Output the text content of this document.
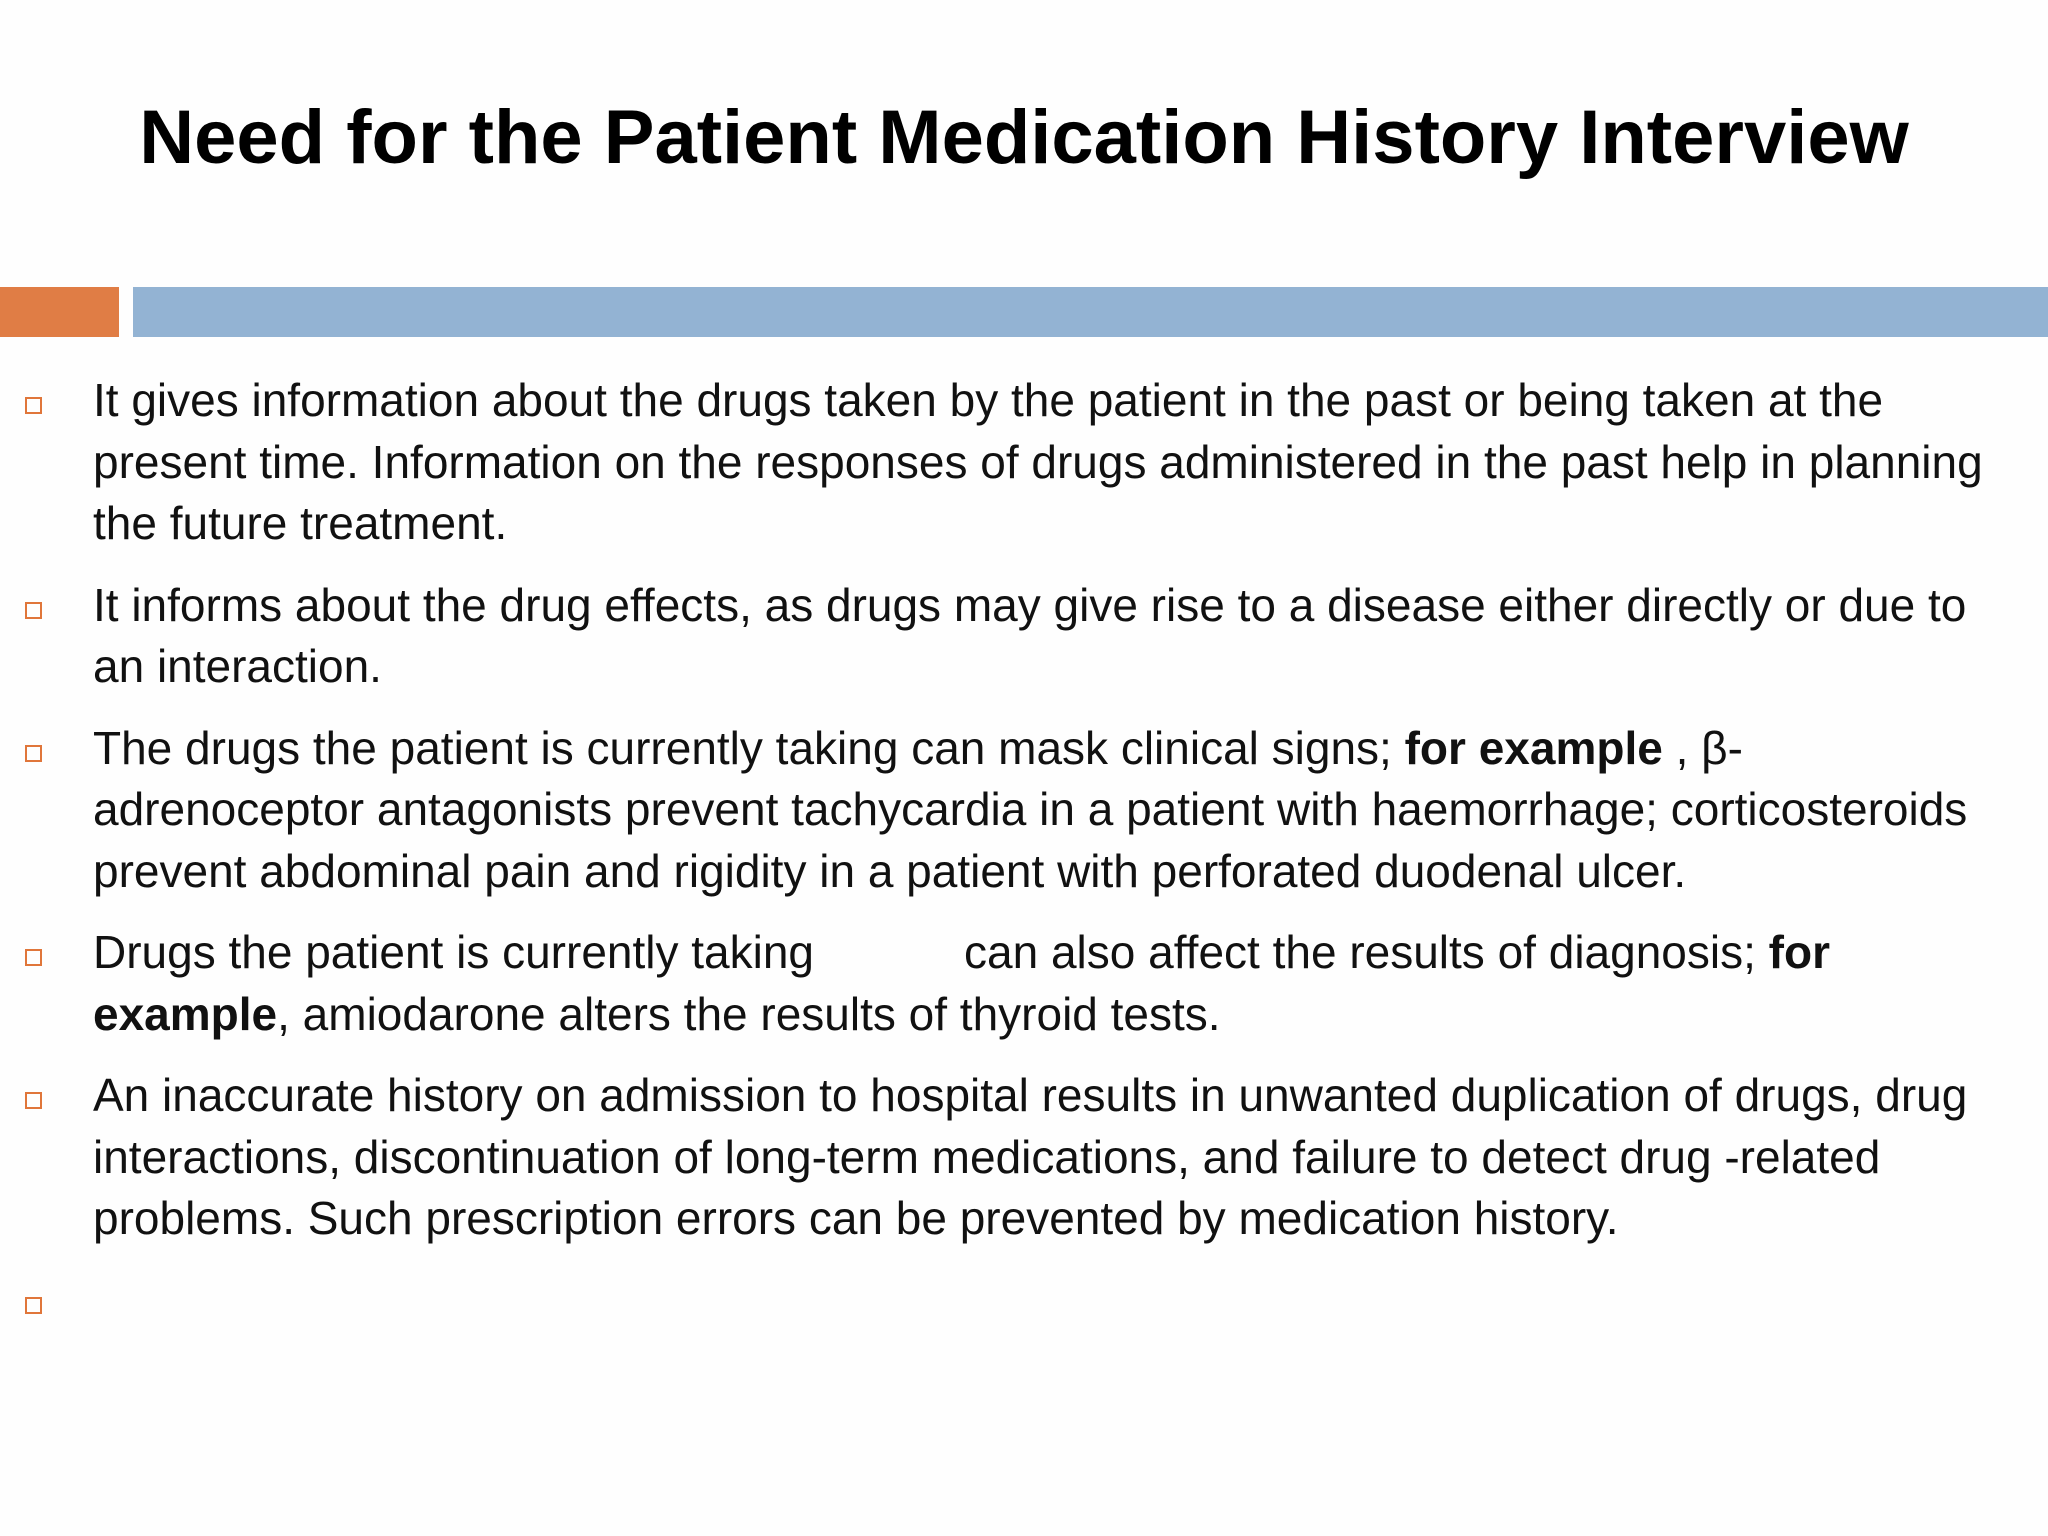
Need for the Patient Medication History Interview
It gives information about the drugs taken by the patient in the past or being taken at the present time. Information on the responses of drugs administered in the past help in planning the future treatment.
It informs about the drug effects, as drugs may give rise to a disease either directly or due to an interaction.
The drugs the patient is currently taking can mask clinical signs; for example , β-adrenoceptor antagonists prevent tachycardia in a patient with haemorrhage; corticosteroids prevent abdominal pain and rigidity in a patient with perforated duodenal ulcer.
Drugs the patient is currently taking	can also affect the results of diagnosis; for example, amiodarone alters the results of thyroid tests.
An inaccurate history on admission to hospital results in unwanted duplication of drugs, drug interactions, discontinuation of long-term medications, and failure to detect drug -related problems. Such prescription errors can be prevented by medication history.
